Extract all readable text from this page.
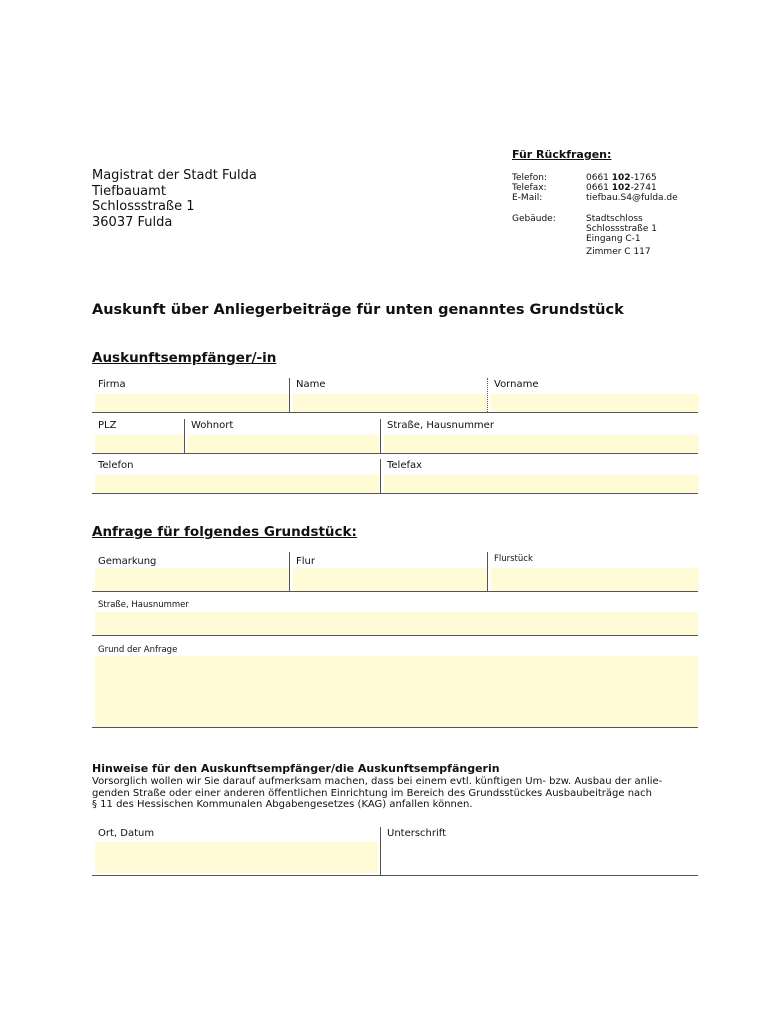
Magistrat der Stadt Fulda
Tiefbauamt
Schlossstraße 1
36037 Fulda
Für Rückfragen:
Telefon:	0661 102-1765
Telefax:	0661 102-2741
E-Mail:	tiefbau.S4@fulda.de
Gebäude:	Stadtschloss
Schlossstraße 1
Eingang C-1
Zimmer C 117
Auskunft über Anliegerbeiträge für unten genanntes Grundstück
Auskunftsempfänger/-in
Firma	Name	Vorname
PLZ	Wohnort	Straße, Hausnummer
Telefon	Telefax
Anfrage für folgendes Grundstück:
Gemarkung	Flur	Flurstück
Straße, Hausnummer
Grund der Anfrage
Hinweise für den Auskunftsempfänger/die Auskunftsempfängerin
Vorsorglich wollen wir Sie darauf aufmerksam machen, dass bei einem evtl. künftigen Um- bzw. Ausbau der anlie-
genden Straße oder einer anderen öffentlichen Einrichtung im Bereich des Grundsstückes Ausbaubeiträge nach
§ 11 des Hessischen Kommunalen Abgabengesetzes (KAG) anfallen können.
Ort, Datum	Unterschrift
